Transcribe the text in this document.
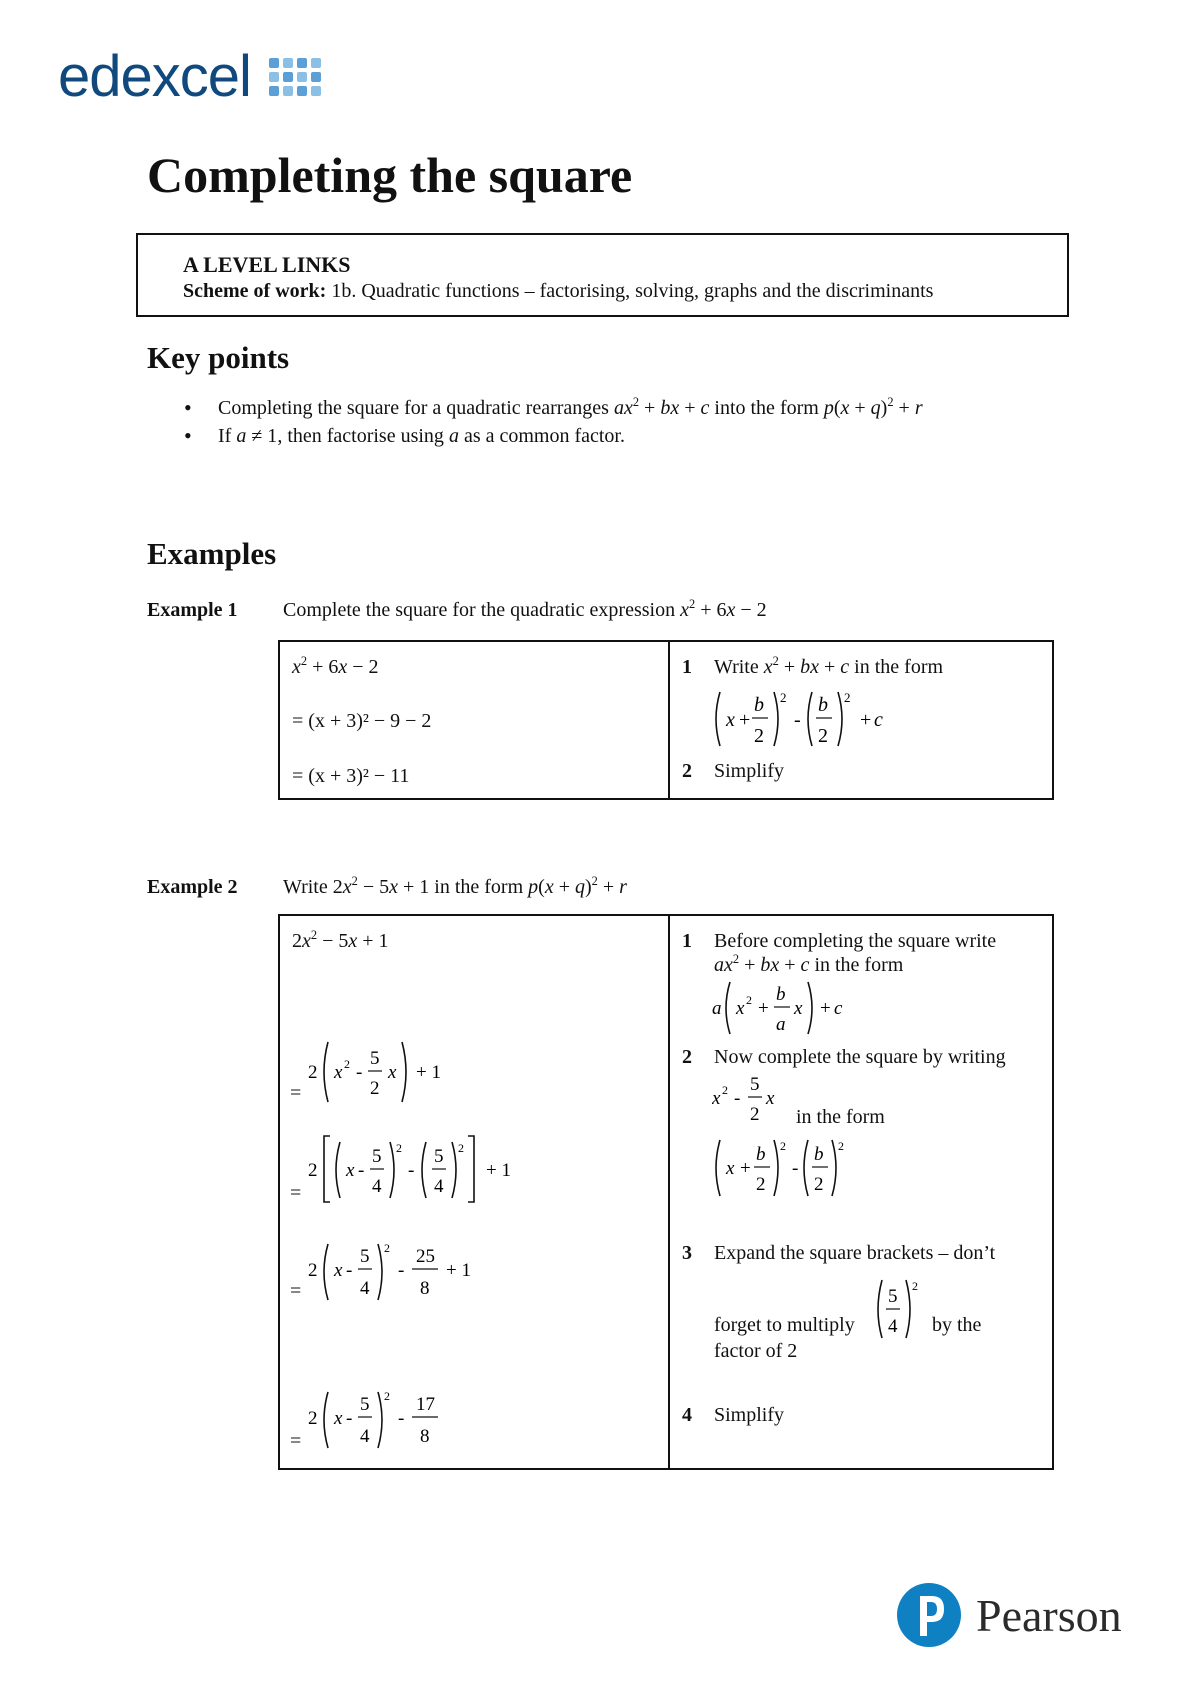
edexcel
Completing the square
A LEVEL LINKS
Scheme of work: 1b. Quadratic functions – factorising, solving, graphs and the discriminants
Key points
• Completing the square for a quadratic rearranges $ax^2$ + bx + c into the form $p(x + q)^2 + r$
• If a ≠ 1, then factorise using a as a common factor.
Examples
Example 1 Complete the square for the quadratic expression $x^2 + 6x - 2$
$x^2 + 6x - 2$
= (x + 3)² − 9 − 2
= (x + 3)² − 11
1 Write $x^2$ + bx + c in the form
x +
b
2
2
-
b
2
2
+ c
2 Simplify
Example 2 Write $2x^2 - 5x + 1$ in the form $p(x + q)^2 + r$
$2x^2 - 5x + 1$
=
2 x 2 -
5
2
x + 1
=
2 x -
5
4
2
-
5
4
2
+ 1
=
2 x -
5
4
2
-
25
8
+ 1
=
2 x -
5
4
2
-
17
8
1 Before completing the square write
$ax^2$ + bx + c in the form
a x 2 +
b
a
x + c
2 Now complete the square by writing
x 2 -
5
2
x
in the form
x +
b
2
2
-
b
2
2
3 Expand the square brackets – don’t
forget to multiply
5
4
2
by the
factor of 2
4 Simplify
Pearson
